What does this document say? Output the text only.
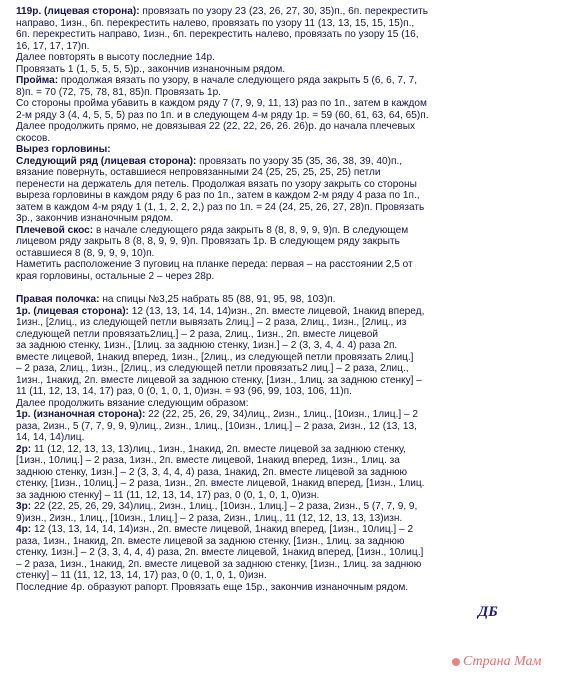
119р. (лицевая сторона): провязать по узору 23 (23, 26, 27, 30, 35)п., 6п. перекрестить
направо, 1изн., 6п. перекрестить налево, провязать по узору 11 (13, 13, 15, 15, 15)п.,
6п. перекрестить направо, 1изн., 6п. перекрестить налево, провязать по узору 15 (16,
16, 17, 17, 17)п.
Далее повторять в высоту последние 14р.
Провязать 1 (1, 5, 5, 5, 5)р., закончив изнаночным рядом.
Пройма: продолжая вязать по узору, в начале следующего ряда закрыть 5 (6, 6, 7, 7,
8)п. = 70 (72, 75, 78, 81, 85)п. Провязать 1р.
Со стороны пройма убавить в каждом ряду 7 (7, 9, 9, 11, 13) раз по 1п., затем в каждом
2-м ряду 3 (4, 4, 5, 5, 5) раз по 1п. и в следующем 4-м ряду 1р. = 59 (60, 61, 63, 64, 65)п.
Далее продолжить прямо, не довязывая 22 (22, 22, 26, 26. 26)р. до начала плечевых
скосов.
Вырез горловины:
Следующий ряд (лицевая сторона): провязать по узору 35 (35, 36, 38, 39, 40)п.,
вязание повернуть, оставшиеся непровязанными 24 (25, 25, 25, 25, 25) петли
перенести на держатель для петель. Продолжая вязать по узору закрыть со стороны
выреза горловины в каждом ряду 6 раз по 1п., затем в каждом 2-м ряду 4 раза по 1п.,
затем в каждом 4-м ряду 1 (1, 1, 2, 2, 2,) раз по 1п. = 24 (24, 25, 26, 27, 28)п. Провязать
3р., закончив изнаночным рядом.
Плечевой скос: в начале следующего ряда закрыть 8 (8, 8, 9, 9, 9)п. В следующем
лицевом ряду закрыть 8 (8, 8, 9, 9, 9)п. Провязать 1р. В следующем ряду закрыть
оставшиеся 8 (8, 9, 9, 9, 10)п.
Наметить расположение 3 пуговиц на планке переда: первая – на расстоянии 2,5 от
края горловины, остальные 2 – через 28р.
Правая полочка: на спицы №3,25 набрать 85 (88, 91, 95, 98, 103)п.
1р. (лицевая сторона): 12 (13, 13, 14, 14, 14)изн., 2п. вместе лицевой, 1накид вперед,
1изн., [2лиц., из следующей петли вывязать 2лиц.] – 2 раза, 2лиц., 1изн., [2лиц., из
следующей петли провязать2лиц.] – 2 раза, 2лиц., 1изн., 2п. вместе лицевой
за заднюю стенку, 1изн., [1лиц. за заднюю стенку, 1изн.] – 2 (3, 3, 4, 4. 4) раза 2п.
вместе лицевой, 1накид вперед, 1изн., [2лиц., из следующей петли провязать 2лиц.]
– 2 раза, 2лиц., 1изн., [2лиц., из следующей петли провязать2 лиц.] – 2 раза, 2лиц.,
1изн., 1накид, 2п. вместе лицевой за заднюю стенку, [1изн., 1лиц. за заднюю стенку] –
11 (11, 12, 13, 14, 17) раз, 0 (0, 1, 0, 1, 0)изн. = 93 (96, 99, 103, 106, 11)п.
Далее продолжить вязание следующим образом:
1р. (изнаночная сторона): 22 (22, 25, 26, 29, 34)лиц., 2изн., 1лиц., [10изн., 1лиц.] – 2
раза, 2изн., 5 (7, 7, 9, 9, 9)лиц., 2изн., 1лиц., [10изн., 1лиц.] – 2 раза, 2изн., 12 (13, 13,
14, 14, 14)лиц.
2р: 11 (12, 12, 13, 13, 13)лиц., 1изн., 1накид, 2п. вместе лицевой за заднюю стенку,
[1изн., 10лиц.] – 2 раза, 1изн., 2п. вместе лицевой, 1накид вперед, 1изн., 1лиц. за
заднюю стенку, 1изн.] – 2 (3, 3, 4, 4, 4) раза, 1накид, 2п. вместе лицевой за заднюю
стенку, [1изн., 10лиц.] – 2 раза, 1изн., 2п. вместе лицевой, 1накид вперед, [1изн., 1лиц.
за заднюю стенку] – 11 (11, 12, 13, 14, 17) раз, 0 (0, 1, 0, 1, 0)изн.
3р: 22 (22, 25, 26, 29, 34)лиц., 2изн., 1лиц., [10изн., 1лиц.] – 2 раза, 2изн., 5 (7, 7, 9, 9,
9)изн., 2изн., 1лиц., [10изн., 1лиц.] – 2 раза, 2изн., 1лиц., 11 (12, 12, 13, 13, 13)изн.
4р: 12 (13, 13, 14, 14, 14)изн., 2п. вместе лицевой, 1накид вперед, [1изн., 10лиц.] – 2
раза, 1изн., 1накид, 2п. вместе лицевой за заднюю стенку, [1изн., 1лиц. за заднюю
стенку, 1изн.] – 2 (3, 3, 4, 4, 4) раза, 2п. вместе лицевой, 1накид вперед, [1изн., 10лиц.]
– 2 раза, 1изн., 1накид, 2п. вместе лицевой за заднюю стенку, [1изн., 1лиц. за заднюю
стенку] – 11 (11, 12, 13, 14, 17) раз, 0 (0, 1, 0, 1, 0)изн.
Последние 4р. образуют рапорт. Провязать еще 15р., закончив изнаночным рядом.
ДБ
Страна Мам
